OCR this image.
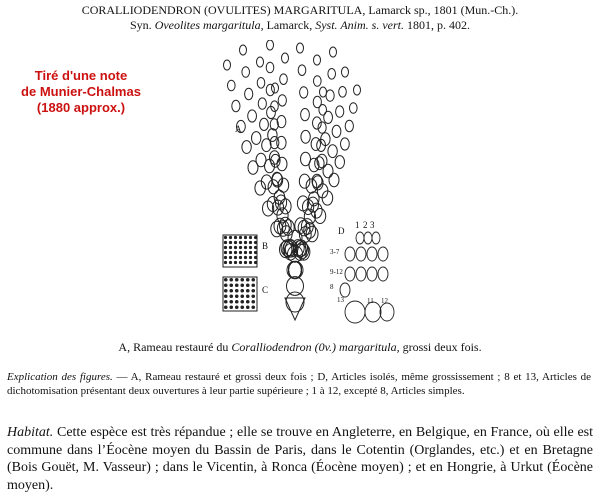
CORALLIODENDRON (OVULITES) MARGARITULA, Lamarck sp., 1801 (Mun.-Ch.).
Syn. Oveolites margaritula, Lamarck, Syst. Anim. s. vert. 1801, p. 402.
Tiré d'une note
de Munier-Chalmas
(1880 approx.)
A
B
C
D
1 2 3
3-7
9-12
8
13	11 12
A, Rameau restauré du Coralliodendron (0v.) margaritula, grossi deux fois.
Explication des figures. — A, Rameau restauré et grossi deux fois ; D, Articles isolés, même grossissement ; 8 et 13, Articles de dichotomisation présentant deux ouvertures à leur partie supérieure ; 1 à 12, excepté 8, Articles simples.
Habitat. Cette espèce est très répandue ; elle se trouve en Angleterre, en Belgique, en France, où elle est commune dans l’Éocène moyen du Bassin de Paris, dans le Cotentin (Orglandes, etc.) et en Bretagne (Bois Gouët, M. Vasseur) ; dans le Vicentin, à Ronca (Éocène moyen) ; et en Hongrie, à Urkut (Éocène moyen).
